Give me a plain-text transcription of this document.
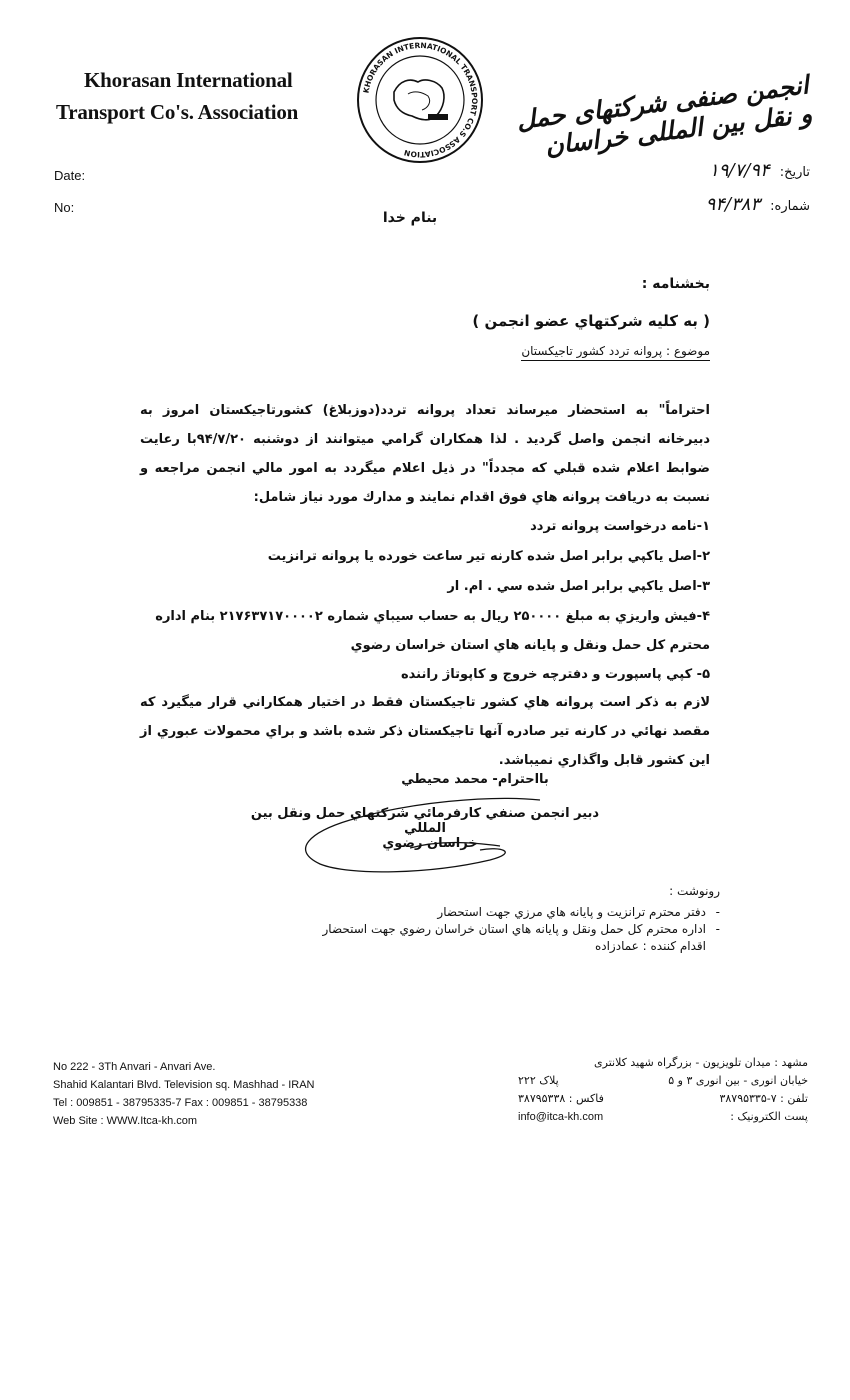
Khorasan International
Transport Co's. Association
KHORASAN INTERNATIONAL TRANSPORT CO.S ASSOCIATION
انجمن صنفی شرکتهای حمل و نقل بین المللی خراسان
Date:
No:
تاریخ: ۱۹/۷/۹۴
شماره: ۹۴/۳۸۳
بنام خدا
بخشنامه :
( به کلیه شرکتهاي عضو انجمن )
موضوع : پروانه تردد کشور تاجیکستان
احتراماً" به استحضار میرساند تعداد پروانه تردد(دوزبلاغ) کشورتاجیکستان امروز به دبیرخانه انجمن واصل گردید . لذا همکاران گرامي میتوانند از دوشنبه ۹۴/۷/۲۰با رعایت ضوابط اعلام شده قبلي که مجدداً" در ذیل اعلام میگردد به امور مالي انجمن مراجعه و نسبت به دریافت پروانه هاي فوق اقدام نمایند و مدارك مورد نیاز شامل:
۱-نامه درخواست پروانه تردد
۲-اصل یاکپي برابر اصل شده کارنه تیر ساعت خورده یا پروانه ترانزیت
۳-اصل یاکپي برابر اصل شده سي . ام. ار
۴-فیش واریزي به مبلغ ۲۵۰۰۰۰ ریال به حساب سیباي شماره ۲۱۷۶۳۷۱۷۰۰۰۰۲ بنام اداره محترم کل حمل ونقل و پایانه هاي استان خراسان رضوي
۵- کپي پاسپورت و دفترچه خروج و کاپوتاژ راننده
لازم به ذکر است پروانه هاي کشور تاجیکستان فقط در اختیار همکاراني قرار میگیرد که مقصد نهائي در کارنه تیر صادره آنها تاجیکستان ذکر شده باشد و براي محمولات عبوري از این کشور قابل واگذاري نمیباشد.
بااحترام- محمد محیطي
دبیر انجمن صنفي کارفرمائي شرکتهاي حمل ونقل بین المللي
خراسان رضوي
رونوشت :
-دفتر محترم ترانزیت و پایانه هاي مرزي جهت استحضار
-اداره محترم کل حمل ونقل و پایانه هاي استان خراسان رضوي جهت استحضار
اقدام کننده : عمادزاده
No 222 - 3Th Anvari - Anvari Ave.
Shahid Kalantari Blvd. Television sq. Mashhad - IRAN
Tel : 009851 - 38795335-7 Fax : 009851 - 38795338
Web Site : WWW.Itca-kh.com
مشهد : میدان تلویزیون - بزرگراه شهید کلانتری
خیابان انوری - بین انوری ۳ و ۵
پلاک ۲۲۲
تلفن : ۷-۳۸۷۹۵۳۳۵
فاکس : ۳۸۷۹۵۳۳۸
پست الکترونیک :
info@itca-kh.com
